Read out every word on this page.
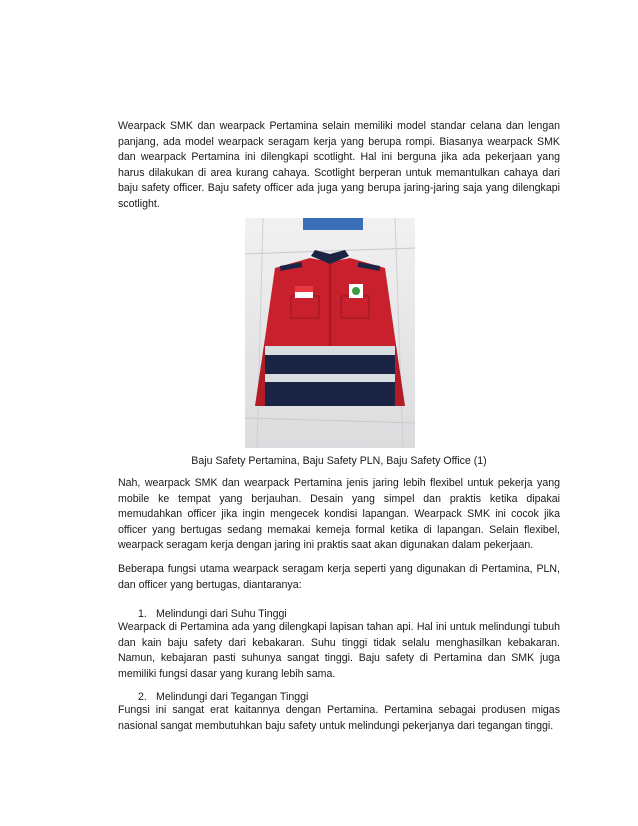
Wearpack SMK dan wearpack Pertamina selain memiliki model standar celana dan lengan panjang, ada model wearpack seragam kerja yang berupa rompi. Biasanya wearpack SMK dan wearpack Pertamina ini dilengkapi scotlight. Hal ini berguna jika ada pekerjaan yang harus dilakukan di area kurang cahaya. Scotlight berperan untuk memantulkan cahaya dari baju safety officer. Baju safety officer ada juga yang berupa jaring-jaring saja yang dilengkapi scotlight.

Baju Safety Pertamina, Baju Safety PLN, Baju Safety Office (1)

Nah, wearpack SMK dan wearpack Pertamina jenis jaring lebih flexibel untuk pekerja yang mobile ke tempat yang berjauhan. Desain yang simpel dan praktis ketika dipakai memudahkan officer jika ingin mengecek kondisi lapangan. Wearpack SMK ini cocok jika officer yang bertugas sedang memakai kemeja formal ketika di lapangan. Selain flexibel, wearpack seragam kerja dengan jaring ini praktis saat akan digunakan dalam pekerjaan.

Beberapa fungsi utama wearpack seragam kerja seperti yang digunakan di Pertamina, PLN, dan officer yang bertugas, diantaranya:

1. Melindungi dari Suhu Tinggi

Wearpack di Pertamina ada yang dilengkapi lapisan tahan api. Hal ini untuk melindungi tubuh dan kain baju safety dari kebakaran. Suhu tinggi tidak selalu menghasilkan kebakaran. Namun, kebajaran pasti suhunya sangat tinggi. Baju safety di Pertamina dan SMK juga memiliki fungsi dasar yang kurang lebih sama.

2. Melindungi dari Tegangan Tinggi

Fungsi ini sangat erat kaitannya dengan Pertamina. Pertamina sebagai produsen migas nasional sangat membutuhkan baju safety untuk melindungi pekerjanya dari tegangan tinggi.
